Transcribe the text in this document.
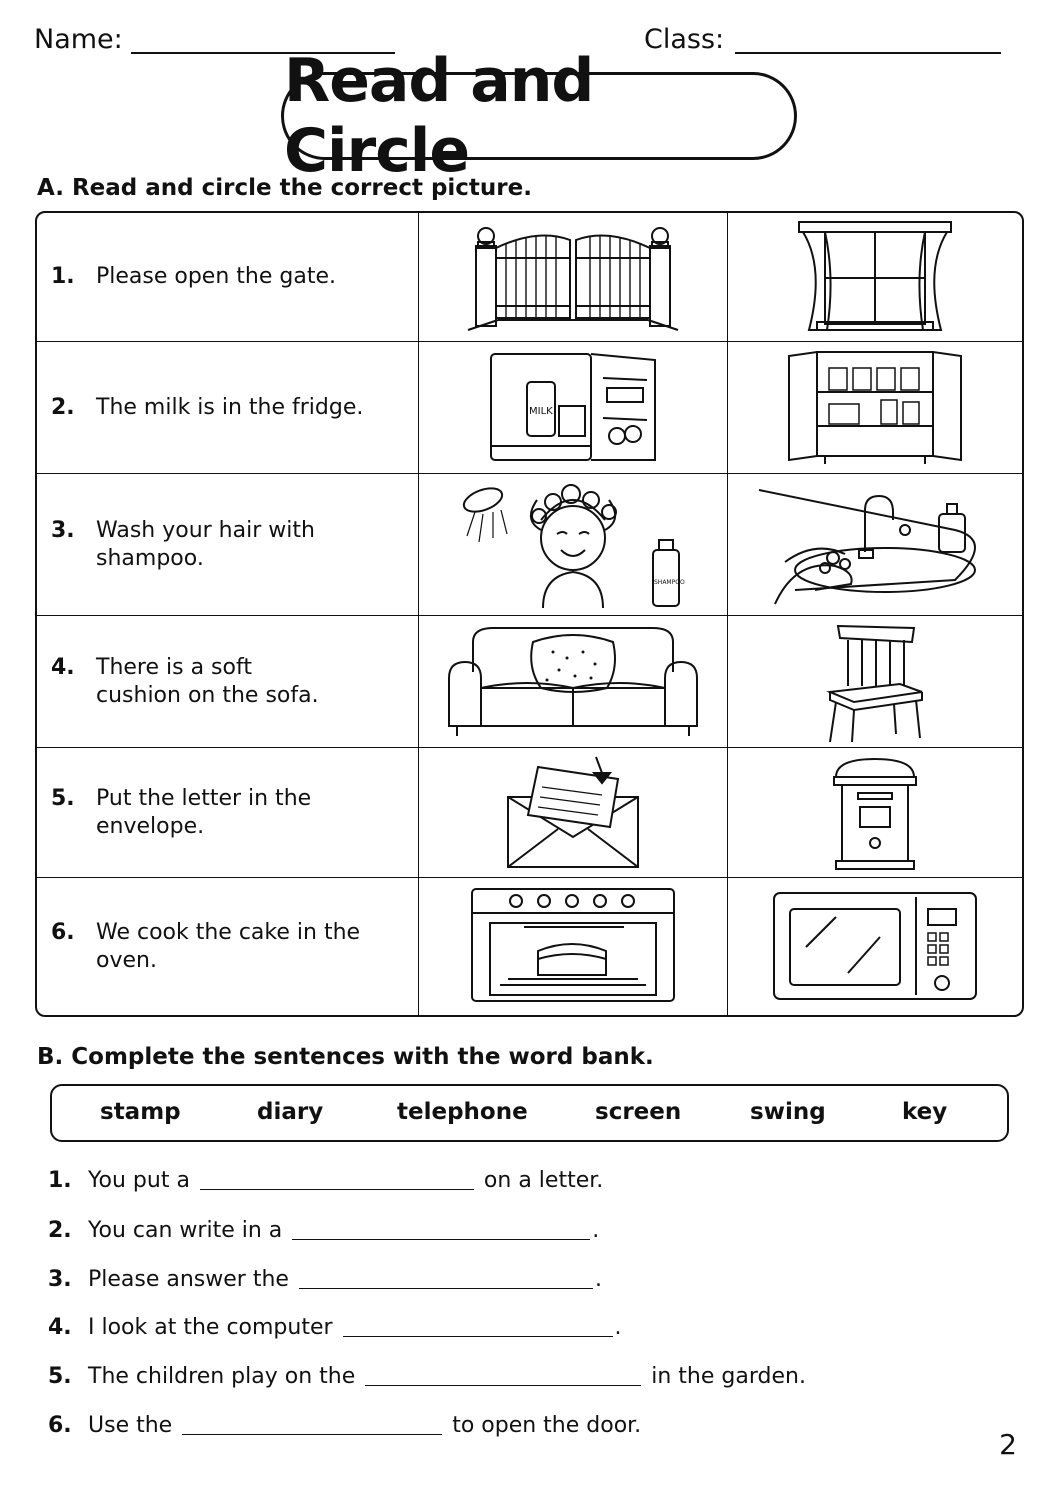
Name:	Class:
Read and Circle
A. Read and circle the correct picture.
1. Please open the gate.

2. The milk is in the fridge.	MILK

3. Wash your hair with shampoo.	SHAMPOO

4. There is a soft cushion on the sofa.

5. Put the letter in the envelope.

6. We cook the cake in the oven.

B. Complete the sentences with the word bank.
stamp	diary	telephone	screen	swing	key
1. You put a	on a letter.
2. You can write in a	.
3. Please answer the	.
4. I look at the computer	.
5. The children play on the	in the garden.
6. Use the	to open the door.
2
